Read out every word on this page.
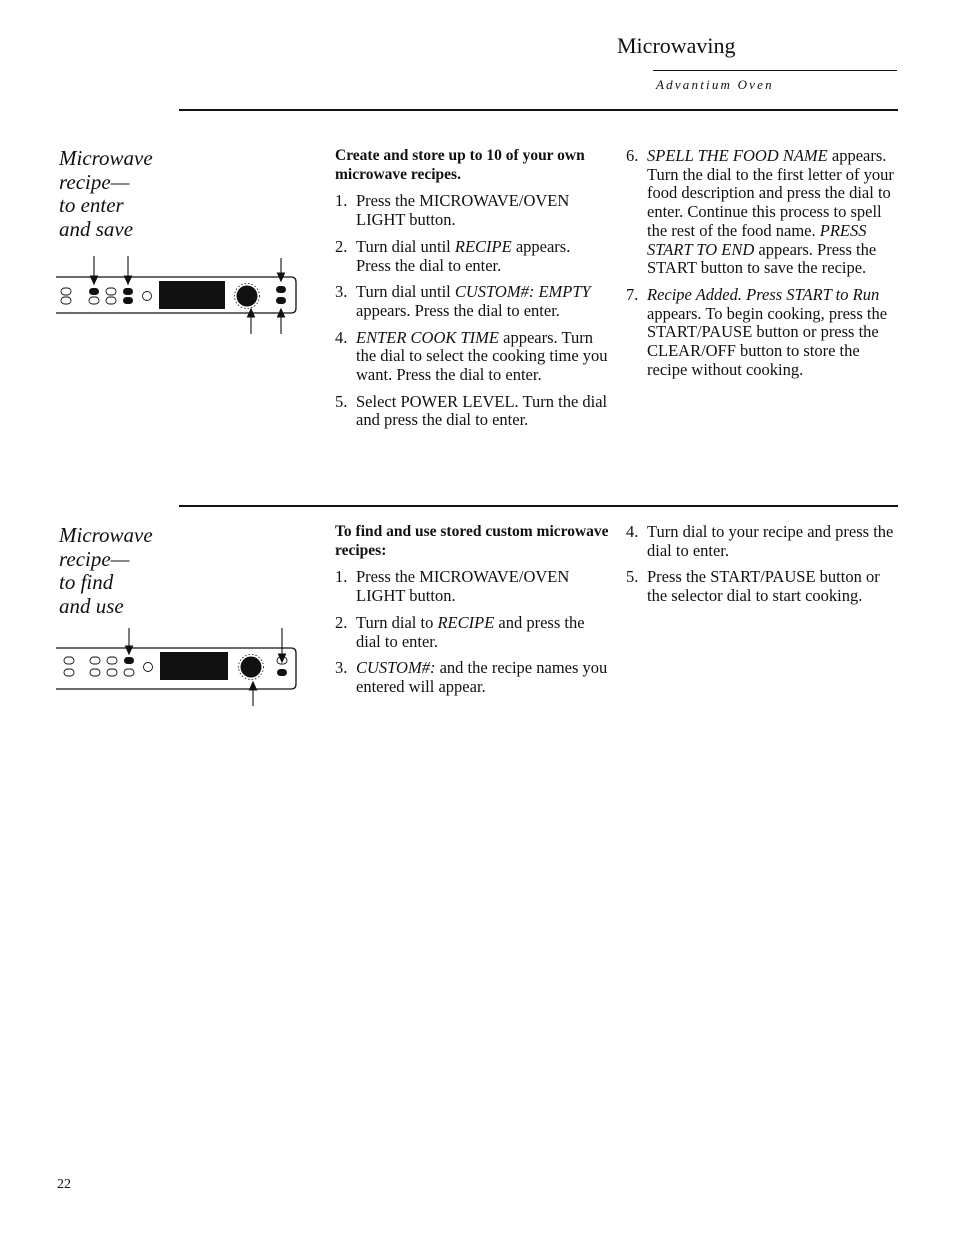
Microwaving
Advantium Oven
Microwave
recipe—
to enter
and save
Create and store up to 10 of your own microwave recipes.
1. Press the MICROWAVE/OVEN LIGHT button.
2. Turn dial until RECIPE appears. Press the dial to enter.
3. Turn dial until CUSTOM#: EMPTY appears. Press the dial to enter.
4. ENTER COOK TIME appears. Turn the dial to select the cooking time you want. Press the dial to enter.
5. Select POWER LEVEL. Turn the dial and press the dial to enter.
6. SPELL THE FOOD NAME appears. Turn the dial to the first letter of your food description and press the dial to enter. Continue this process to spell the rest of the food name. PRESS START TO END appears. Press the START button to save the recipe.
7. Recipe Added. Press START to Run appears. To begin cooking, press the START/PAUSE button or press the CLEAR/OFF button to store the recipe without cooking.
Microwave
recipe—
to find
and use
To find and use stored custom microwave recipes:
1. Press the MICROWAVE/OVEN LIGHT button.
2. Turn dial to RECIPE and press the dial to enter.
3. CUSTOM#: and the recipe names you entered will appear.
4. Turn dial to your recipe and press the dial to enter.
5. Press the START/PAUSE button or the selector dial to start cooking.
22
